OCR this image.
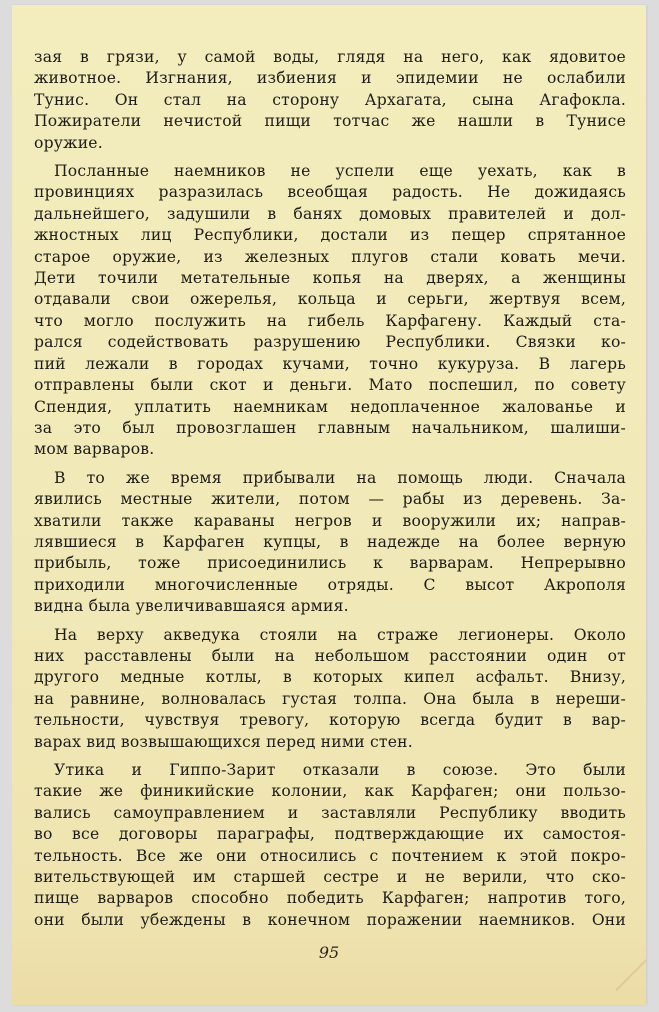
зая в грязи, у самой воды, глядя на него, как ядовитое
животное. Изгнания, избиения и эпидемии не ослабили
Тунис. Он стал на сторону Архагата, сына Агафокла.
Пожиратели нечистой пищи тотчас же нашли в Тунисе
оружие.
Посланные наемников не успели еще уехать, как в
провинциях разразилась всеобщая радость. Не дожидаясь
дальнейшего, задушили в банях домовых правителей и дол-
жностных лиц Республики, достали из пещер спрятанное
старое оружие, из железных плугов стали ковать мечи.
Дети точили метательные копья на дверях, а женщины
отдавали свои ожерелья, кольца и серьги, жертвуя всем,
что могло послужить на гибель Карфагену. Каждый ста-
рался содействовать разрушению Республики. Связки ко-
пий лежали в городах кучами, точно кукуруза. В лагерь
отправлены были скот и деньги. Мато поспешил, по совету
Спендия, уплатить наемникам недоплаченное жалованье и
за это был провозглашен главным начальником, шалиши-
мом варваров.
В то же время прибывали на помощь люди. Сначала
явились местные жители, потом — рабы из деревень. За-
хватили также караваны негров и вооружили их; направ-
лявшиеся в Карфаген купцы, в надежде на более верную
прибыль, тоже присоединились к варварам. Непрерывно
приходили многочисленные отряды. С высот Акрополя
видна была увеличивавшаяся армия.
На верху акведука стояли на страже легионеры. Около
них расставлены были на небольшом расстоянии один от
другого медные котлы, в которых кипел асфальт. Внизу,
на равнине, волновалась густая толпа. Она была в нереши-
тельности, чувствуя тревогу, которую всегда будит в вар-
варах вид возвышающихся перед ними стен.
Утика и Гиппо-Зарит отказали в союзе. Это были
такие же финикийские колонии, как Карфаген; они пользо-
вались самоуправлением и заставляли Республику вводить
во все договоры параграфы, подтверждающие их самостоя-
тельность. Все же они относились с почтением к этой покро-
вительствующей им старшей сестре и не верили, что ско-
пище варваров способно победить Карфаген; напротив того,
они были убеждены в конечном поражении наемников. Они
95
